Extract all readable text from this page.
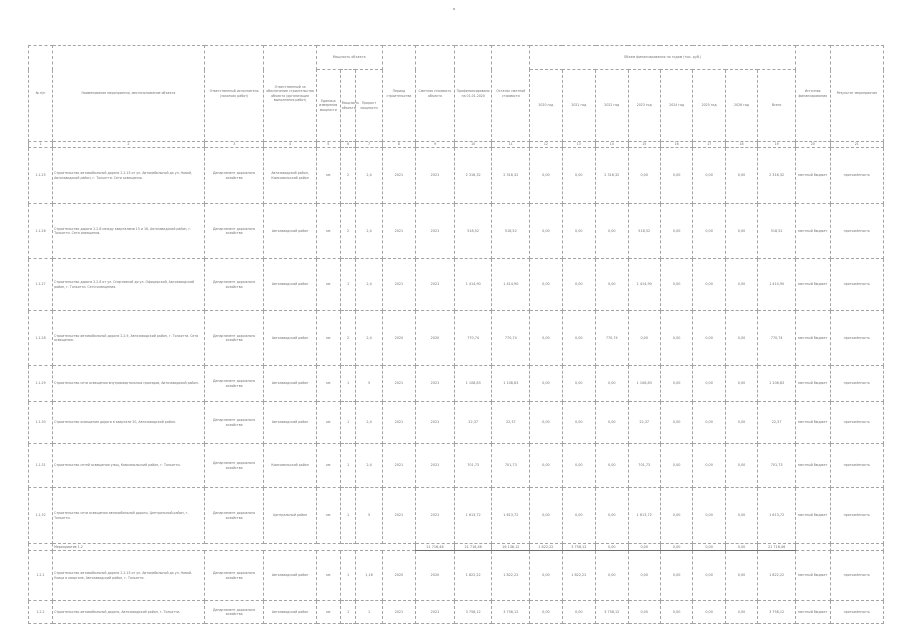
№ п/п	Наименование мероприятия, местоположение объекта	Ответственный исполнитель (заказчик работ)	Ответственный за обеспечение строительства объекта (организация выполнения работ)	Мощность объекта			Период строительства	Сметная стоимость объекта	Профинансировано на 01.01.2020	Остаток сметной стоимости	Объем финансирования по годам (тыс. руб.)								Источник финансирования	Результат мероприятия
				Единица измерения мощности	Мощность объекта	Прирост мощности					2020 год	2021 год	2022 год	2023 год	2024 год	2025 год	2026 год	Всего		
1	2	3	4	5	6	7	8	9	10	11	12	13	14	15	16	17	18	19	20	21
1.1.25	Строительство автомобильной дороги 2.2.15 от ул. Автомобильной до ул. Новой, Автозаводский район, г. Тольятти. Сети освещения.	Департамент дорожного хозяйства	Автозаводский район, Комсомольский район	км	2	2,4	2021	2021	2 316,32	2 316,32	0,00	0,00	2 316,32	0,00	0,00	0,00	0,00	2 316,32	местный бюджет	протяжённость
1.1.26	Строительство дороги 2.2.8 между кварталами 15 и 16, Автозаводский район, г. Тольятти. Сети освещения.	Департамент дорожного хозяйства	Автозаводский район	км	2	2,4	2021	2021	518,52	518,52	0,00	0,00	0,00	518,52	0,00	0,00	0,00	518,52	местный бюджет	протяжённость
1.1.27	Строительство дороги 2.2.6 от ул. Спортивной до ул. Офицерской, Автозаводский район, г. Тольятти. Сети освещения.	Департамент дорожного хозяйства	Автозаводский район	км	1	2,4	2021	2021	1 414,90	1 414,90	0,00	0,00	0,00	1 414,90	0,00	0,00	0,00	1 414,90	местный бюджет	протяжённость
1.1.28	Строительство автомобильной дороги 2.2.9, Автозаводский район, г. Тольятти. Сети освещения.	Департамент дорожного хозяйства	Автозаводский район	км	2	2,4	2020	2020	770,74	770,74	0,00	0,00	770,74	0,00	0,00	0,00	0,00	770,74	местный бюджет	протяжённость
1.1.29	Строительство сети освещения внутриквартальных проездов, Автозаводский район.	Департамент дорожного хозяйства	Автозаводский район	км	1	5	2021	2021	1 108,83	1 108,83	0,00	0,00	0,00	1 108,83	0,00	0,00	0,00	1 108,83	местный бюджет	протяжённость
1.1.30	Строительство освещения дороги в квартале 20, Автозаводский район.	Департамент дорожного хозяйства	Автозаводский район	км	1	2,4	2021	2021	22,37	22,37	0,00	0,00	0,00	22,37	0,00	0,00	0,00	22,37	местный бюджет	протяжённость
1.1.31	Строительство сетей освещения улиц, Комсомольский район, г. Тольятти.	Департамент дорожного хозяйства	Комсомольский район	км	1	2,4	2021	2021	701,73	701,73	0,00	0,00	0,00	701,73	0,00	0,00	0,00	701,73	местный бюджет	протяжённость
1.1.32	Строительство сети освещения автомобильной дороги, Центральный район, г. Тольятти.	Департамент дорожного хозяйства	Центральный район	км	1	5	2021	2021	1 613,72	1 613,72	0,00	0,00	0,00	1 613,72	0,00	0,00	0,00	1 613,72	местный бюджет	протяжённость
	Мероприятие 1.2							21 716,46	21 716,46	16 136,12	1 822,22	3 758,12	0,00	0,00	0,00	0,00	0,00	21 716,46		
1.2.1	Строительство автомобильной дороги 2.2.15 от ул. Автомобильной до ул. Новой. Улица в квартале, Автозаводский район, г. Тольятти.	Департамент дорожного хозяйства	Автозаводский район	км	1	1,16	2020	2020	1 822,22	1 822,22	0,00	1 822,22	0,00	0,00	0,00	0,00	0,00	1 822,22	местный бюджет	протяжённость
1.2.2	Строительство автомобильной дороги, Автозаводский район, г. Тольятти.	Департамент дорожного хозяйства	Автозаводский район	км	1	1	2021	2021	3 758,12	3 758,12	0,00	0,00	3 758,12	0,00	0,00	0,00	0,00	3 758,12	местный бюджет	протяжённость
